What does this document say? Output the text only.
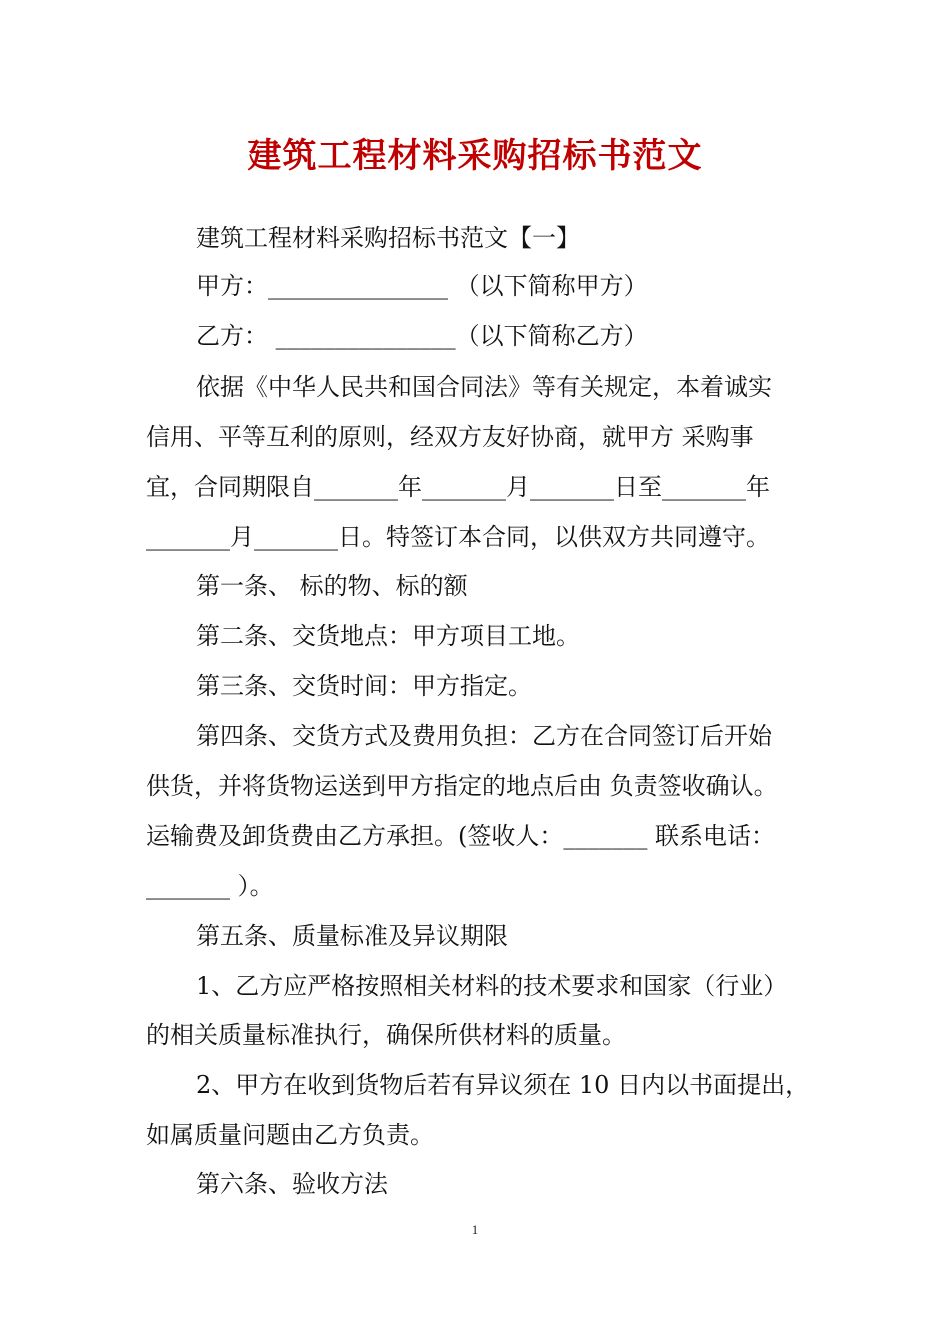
建筑工程材料采购招标书范文

建筑工程材料采购招标书范文【一】

甲方：_______________ （以下简称甲方）

乙方： _______________（以下简称乙方）

依据《中华人民共和国合同法》等有关规定，本着诚实

信用、平等互利的原则，经双方友好协商，就甲方 采购事

宜，合同期限自_______年_______月_______日至_______年

_______月_______日。特签订本合同，以供双方共同遵守。

第一条、 标的物、标的额

第二条、交货地点：甲方项目工地。

第三条、交货时间：甲方指定。

第四条、交货方式及费用负担：乙方在合同签订后开始

供货，并将货物运送到甲方指定的地点后由 负责签收确认。

运输费及卸货费由乙方承担。(签收人：_______ 联系电话：

_______ ）。

第五条、质量标准及异议期限

1、乙方应严格按照相关材料的技术要求和国家（行业）

的相关质量标准执行，确保所供材料的质量。

2、甲方在收到货物后若有异议须在 10 日内以书面提出，

如属质量问题由乙方负责。

第六条、验收方法

1
